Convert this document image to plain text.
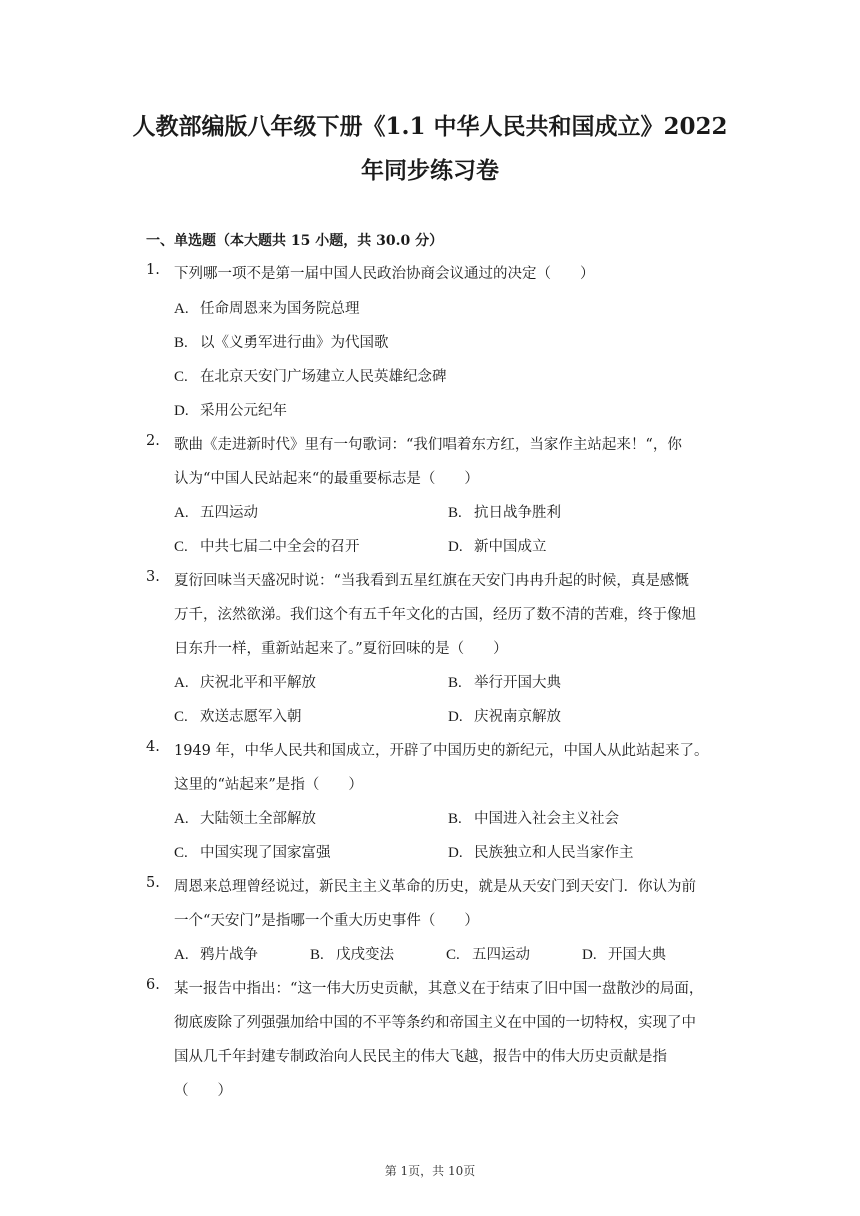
人教部编版八年级下册《1.1 中华人民共和国成立》2022
年同步练习卷
一、单选题（本大题共 15 小题，共 30.0 分）
1. 下列哪一项不是第一届中国人民政治协商会议通过的决定（　　）
A. 任命周恩来为国务院总理
B. 以《义勇军进行曲》为代国歌
C. 在北京天安门广场建立人民英雄纪念碑
D. 采用公元纪年
2. 歌曲《走进新时代》里有一句歌词：“我们唱着东方红，当家作主站起来！“，你
认为“中国人民站起来“的最重要标志是（　　）
A. 五四运动	B. 抗日战争胜利
C. 中共七届二中全会的召开	D. 新中国成立
3. 夏衍回味当天盛况时说：“当我看到五星红旗在天安门冉冉升起的时候，真是感慨
万千，泫然欲涕。我们这个有五千年文化的古国，经历了数不清的苦难，终于像旭
日东升一样，重新站起来了。”夏衍回味的是（　　）
A. 庆祝北平和平解放	B. 举行开国大典
C. 欢送志愿军入朝	D. 庆祝南京解放
4. 1949 年，中华人民共和国成立，开辟了中国历史的新纪元，中国人从此站起来了。
这里的“站起来”是指（　　）
A. 大陆领土全部解放	B. 中国进入社会主义社会
C. 中国实现了国家富强	D. 民族独立和人民当家作主
5. 周恩来总理曾经说过，新民主主义革命的历史，就是从天安门到天安门．你认为前
一个“天安门”是指哪一个重大历史事件（　　）
A. 鸦片战争	B. 戊戌变法	C. 五四运动	D. 开国大典
6. 某一报告中指出：“这一伟大历史贡献，其意义在于结束了旧中国一盘散沙的局面，
彻底废除了列强强加给中国的不平等条约和帝国主义在中国的一切特权，实现了中
国从几千年封建专制政治向人民民主的伟大飞越，报告中的伟大历史贡献是指
（　　）
第 1页，共 10页
